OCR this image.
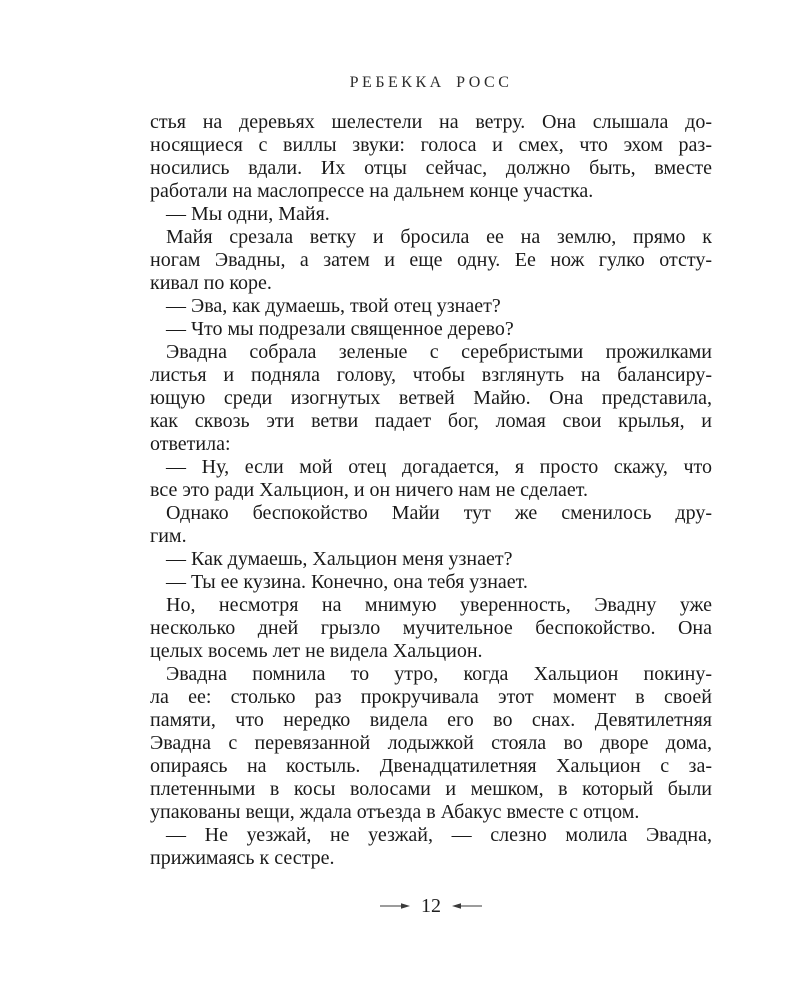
РЕБЕККА РОСС
стья на деревьях шелестели на ветру. Она слышала до-
носящиеся с виллы звуки: голоса и смех, что эхом раз-
носились вдали. Их отцы сейчас, должно быть, вместе
работали на маслопрессе на дальнем конце участка.
— Мы одни, Майя.
Майя срезала ветку и бросила ее на землю, прямо к
ногам Эвадны, а затем и еще одну. Ее нож гулко отсту-
кивал по коре.
— Эва, как думаешь, твой отец узнает?
— Что мы подрезали священное дерево?
Эвадна собрала зеленые с серебристыми прожилками
листья и подняла голову, чтобы взглянуть на балансиру-
ющую среди изогнутых ветвей Майю. Она представила,
как сквозь эти ветви падает бог, ломая свои крылья, и
ответила:
— Ну, если мой отец догадается, я просто скажу, что
все это ради Хальцион, и он ничего нам не сделает.
Однако беспокойство Майи тут же сменилось дру-
гим.
— Как думаешь, Хальцион меня узнает?
— Ты ее кузина. Конечно, она тебя узнает.
Но, несмотря на мнимую уверенность, Эвадну уже
несколько дней грызло мучительное беспокойство. Она
целых восемь лет не видела Хальцион.
Эвадна помнила то утро, когда Хальцион покину-
ла ее: столько раз прокручивала этот момент в своей
памяти, что нередко видела его во снах. Девятилетняя
Эвадна с перевязанной лодыжкой стояла во дворе дома,
опираясь на костыль. Двенадцатилетняя Хальцион с за-
плетенными в косы волосами и мешком, в который были
упакованы вещи, ждала отъезда в Абакус вместе с отцом.
— Не уезжай, не уезжай, — слезно молила Эвадна,
прижимаясь к сестре.
12
